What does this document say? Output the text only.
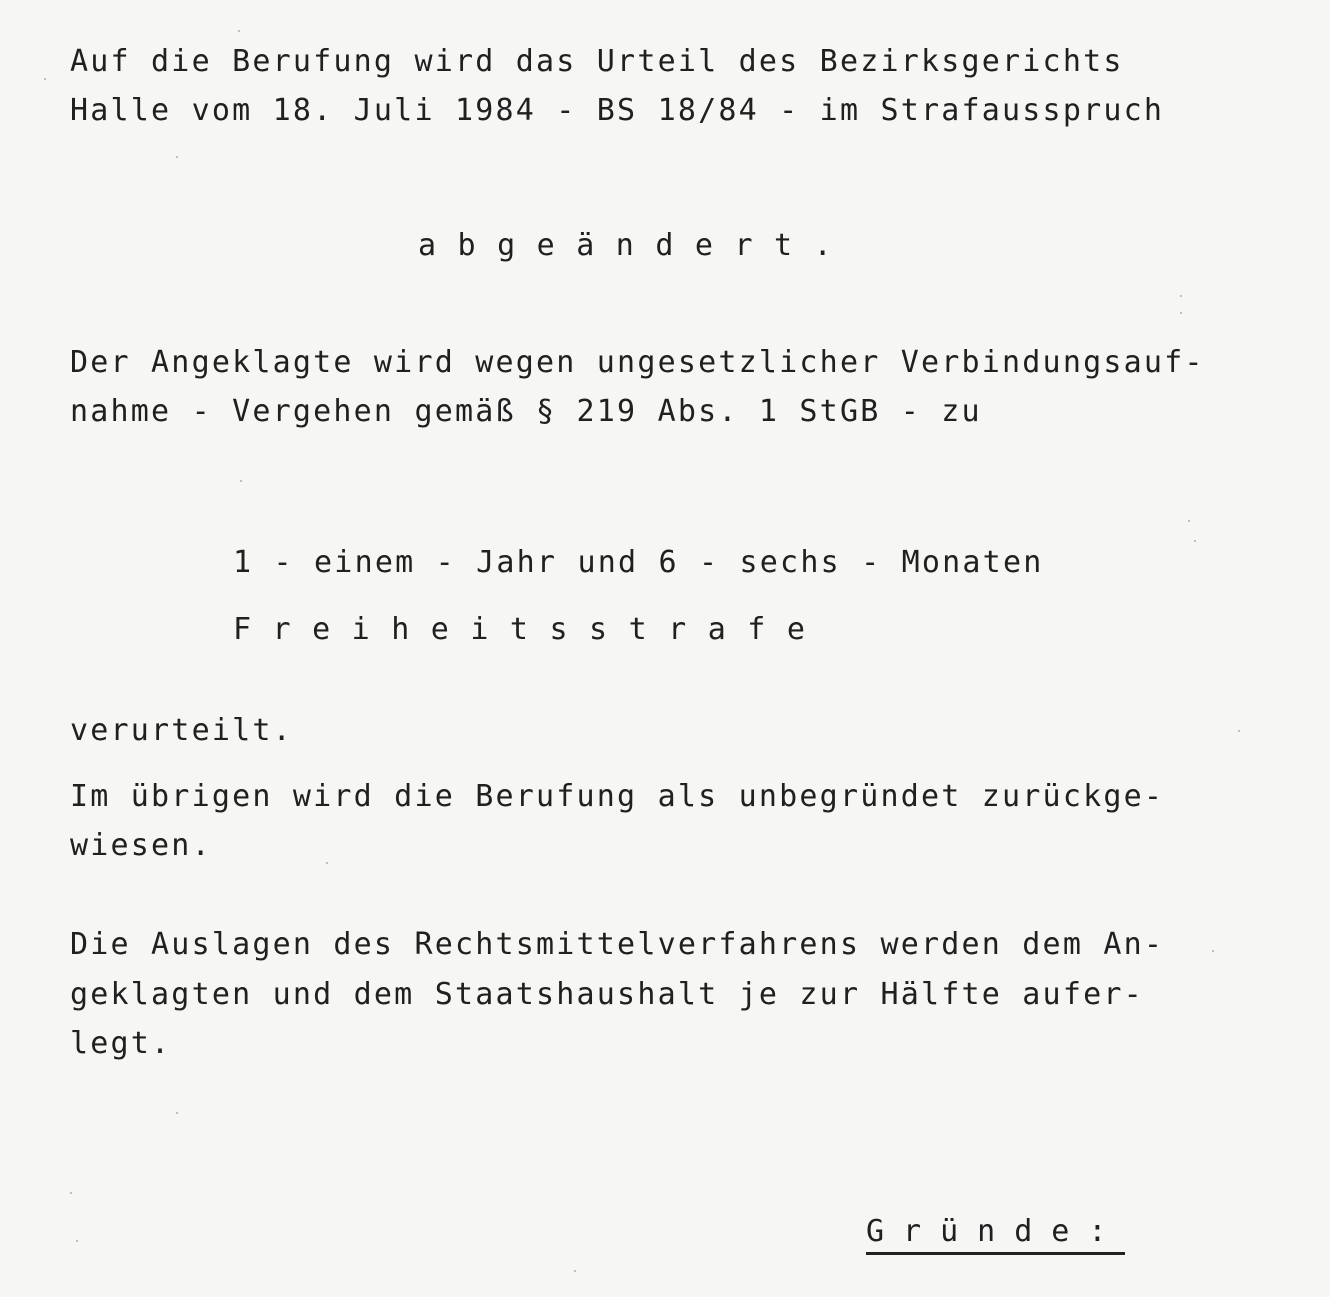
Auf die Berufung wird das Urteil des Bezirksgerichts
Halle vom 18. Juli 1984 - BS 18/84 - im Strafausspruch
abgeändert.
Der Angeklagte wird wegen ungesetzlicher Verbindungsauf-
nahme - Vergehen gemäß § 219 Abs. 1 StGB - zu
1 - einem - Jahr und 6 - sechs - Monaten
Freiheitsstrafe
verurteilt.
Im übrigen wird die Berufung als unbegründet zurückge-
wiesen.
Die Auslagen des Rechtsmittelverfahrens werden dem An-
geklagten und dem Staatshaushalt je zur Hälfte aufer-
legt.
Gründe:
